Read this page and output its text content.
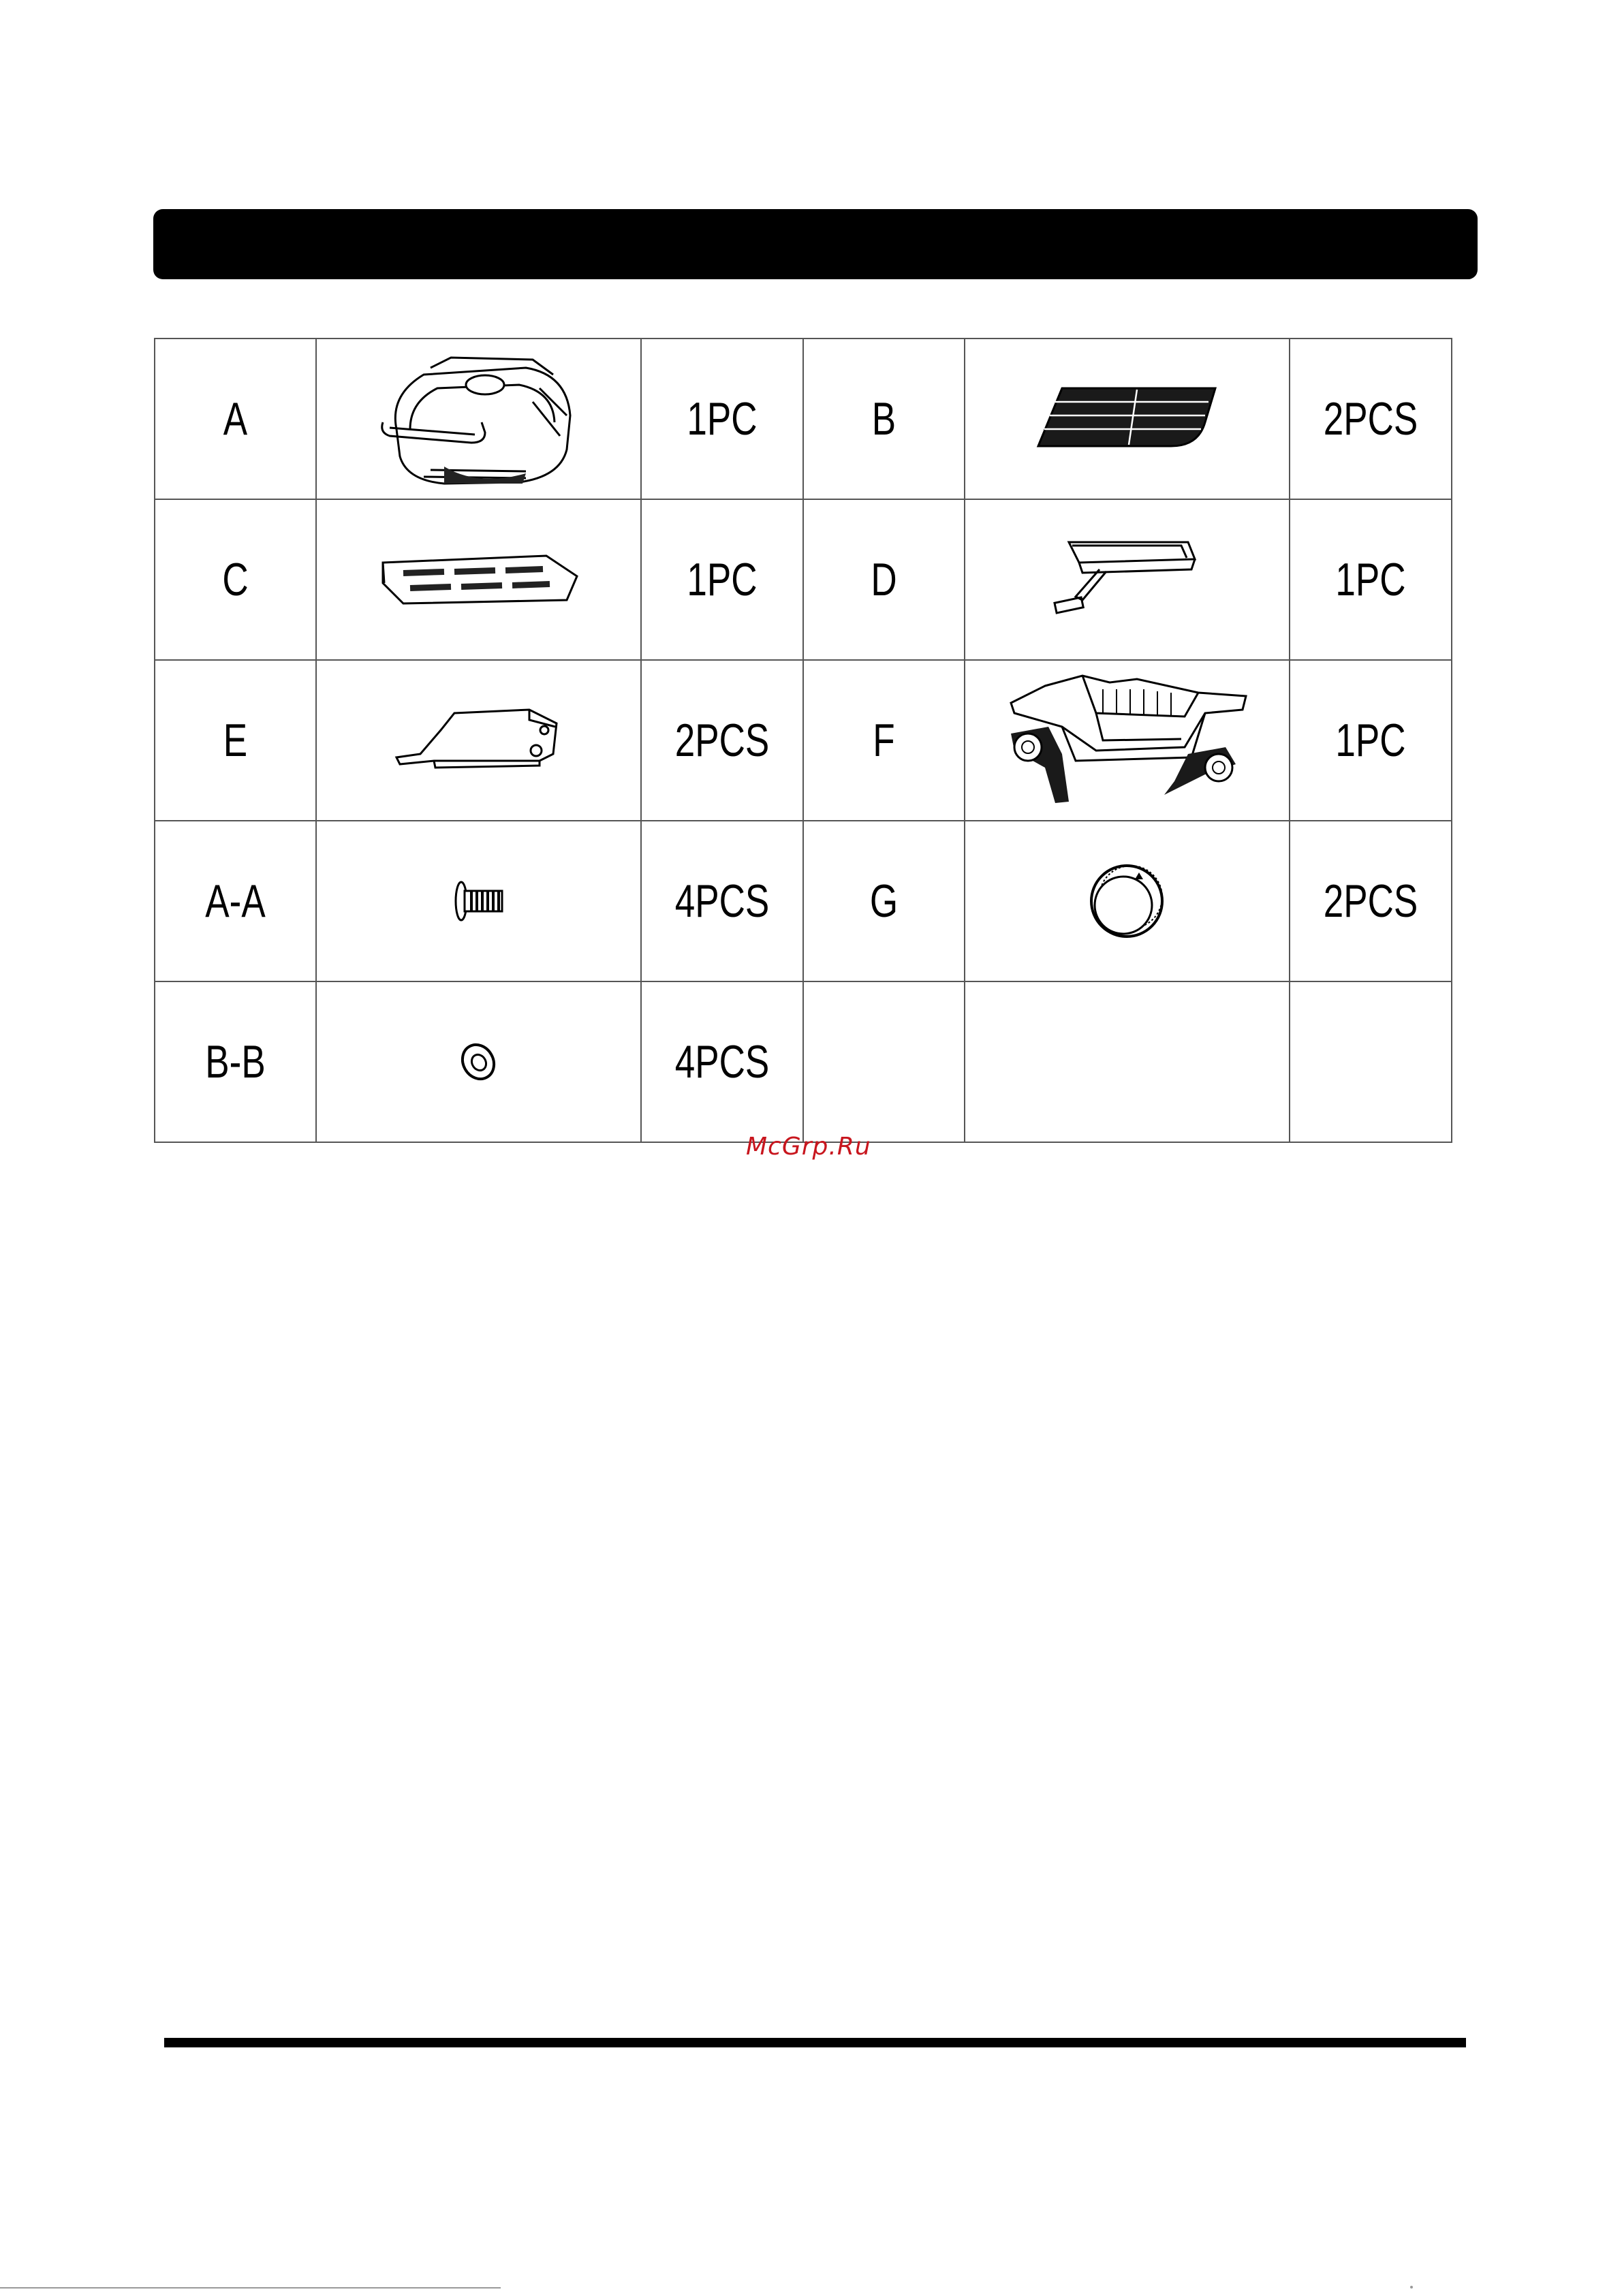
A		1PC	B		2PCS
C		1PC	D		1PC
E		2PCS	F		1PC
A-A		4PCS	G		2PCS
B-B		4PCS			
McGrp.Ru
